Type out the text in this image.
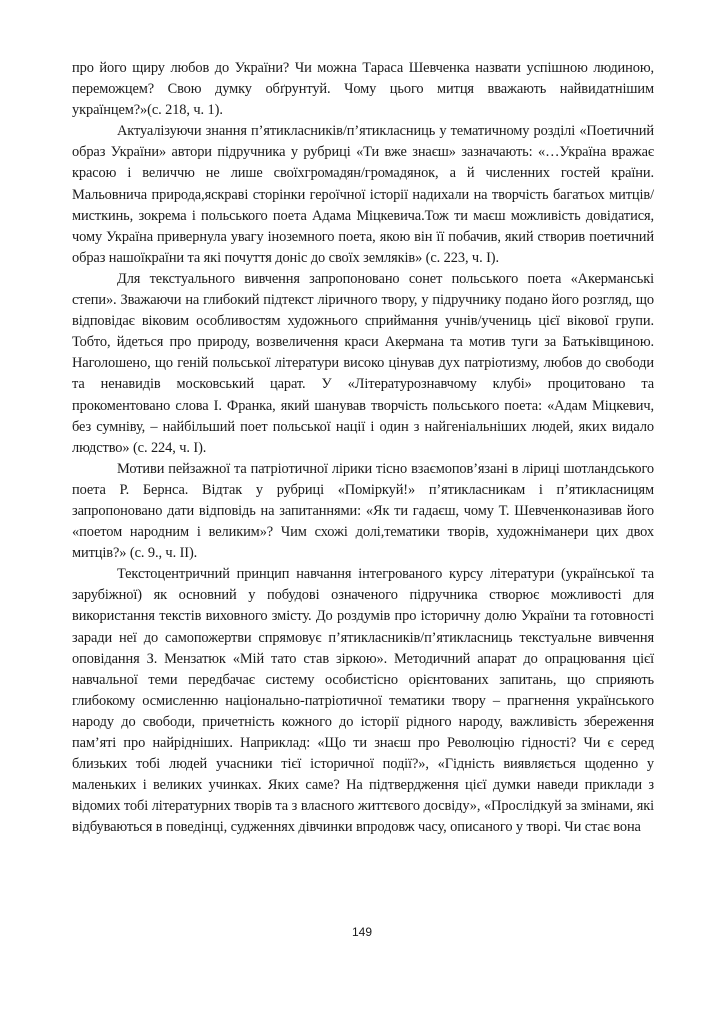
про його щиру любов до України? Чи можна Тараса Шевченка назвати успішною людиною, переможцем? Свою думку обґрунтуй. Чому цього митця вважають найвидатнішим українцем?»(с. 218, ч. 1).

Актуалізуючи знання п’ятикласників/п’ятикласниць у тематичному розділі «Поетичний образ України» автори підручника у рубриці «Ти вже знаєш» зазначають: «…Україна вражає красою і величчю не лише своїхгромадян/громадянок, а й численних гостей країни. Мальовнича природа,яскраві сторінки героїчної історії надихали на творчість багатьох митців/мисткинь, зокрема і польського поета Адама Міцкевича.Тож ти маєш можливість довідатися, чому Україна привернула увагу іноземного поета, якою він її побачив, який створив поетичний образ нашоїкраїни та які почуття доніс до своїх земляків» (с. 223, ч. І).

Для текстуального вивчення запропоновано сонет польського поета «Акерманські степи». Зважаючи на глибокий підтекст ліричного твору, у підручнику подано його розгляд, що відповідає віковим особливостям художнього сприймання учнів/учениць цієї вікової групи. Тобто, йдеться про природу, возвеличення краси Акермана та мотив туги за Батьківщиною. Наголошено, що геній польської літератури високо цінував дух патріотизму, любов до свободи та ненавидів московський царат. У «Літературознавчому клубі» процитовано та прокоментовано слова І. Франка, який шанував творчість польського поета: «Адам Міцкевич, без сумніву, – найбільший поет польської нації і один з найгеніальніших людей, яких видало людство» (с. 224, ч. І).

Мотиви пейзажної та патріотичної лірики тісно взаємопов’язані в ліриці шотландського поета Р. Бернса. Відтак у рубриці «Поміркуй!» п’ятикласникам і п’ятикласницям запропоновано дати відповідь на запитаннями: «Як ти гадаєш, чому Т. Шевченконазивав його «поетом народним і великим»? Чим схожі долі,тематики творів, художніманери цих двох митців?» (с. 9., ч. ІІ).

Текстоцентричний принцип навчання інтегрованого курсу літератури (української та зарубіжної) як основний у побудові означеного підручника створює можливості для використання текстів виховного змісту. До роздумів про історичну долю України та готовності заради неї до самопожертви спрямовує п’ятикласників/п’ятикласниць текстуальне вивчення оповідання З. Мензатюк «Мій тато став зіркою». Методичний апарат до опрацювання цієї навчальної теми передбачає систему особистісно орієнтованих запитань, що сприяють глибокому осмисленню національно-патріотичної тематики твору – прагнення українського народу до свободи, причетність кожного до історії рідного народу, важливість збереження пам’яті про найрідніших. Наприклад: «Що ти знаєш про Революцію гідності? Чи є серед близьких тобі людей учасники тієї історичної події?», «Гідність виявляється щоденно у маленьких і великих учинках. Яких саме? На підтвердження цієї думки наведи приклади з відомих тобі літературних творів та з власного життєвого досвіду», «Прослідкуй за змінами, які відбуваються в поведінці, судженнях дівчинки впродовж часу, описаного у творі. Чи стає вона

149
